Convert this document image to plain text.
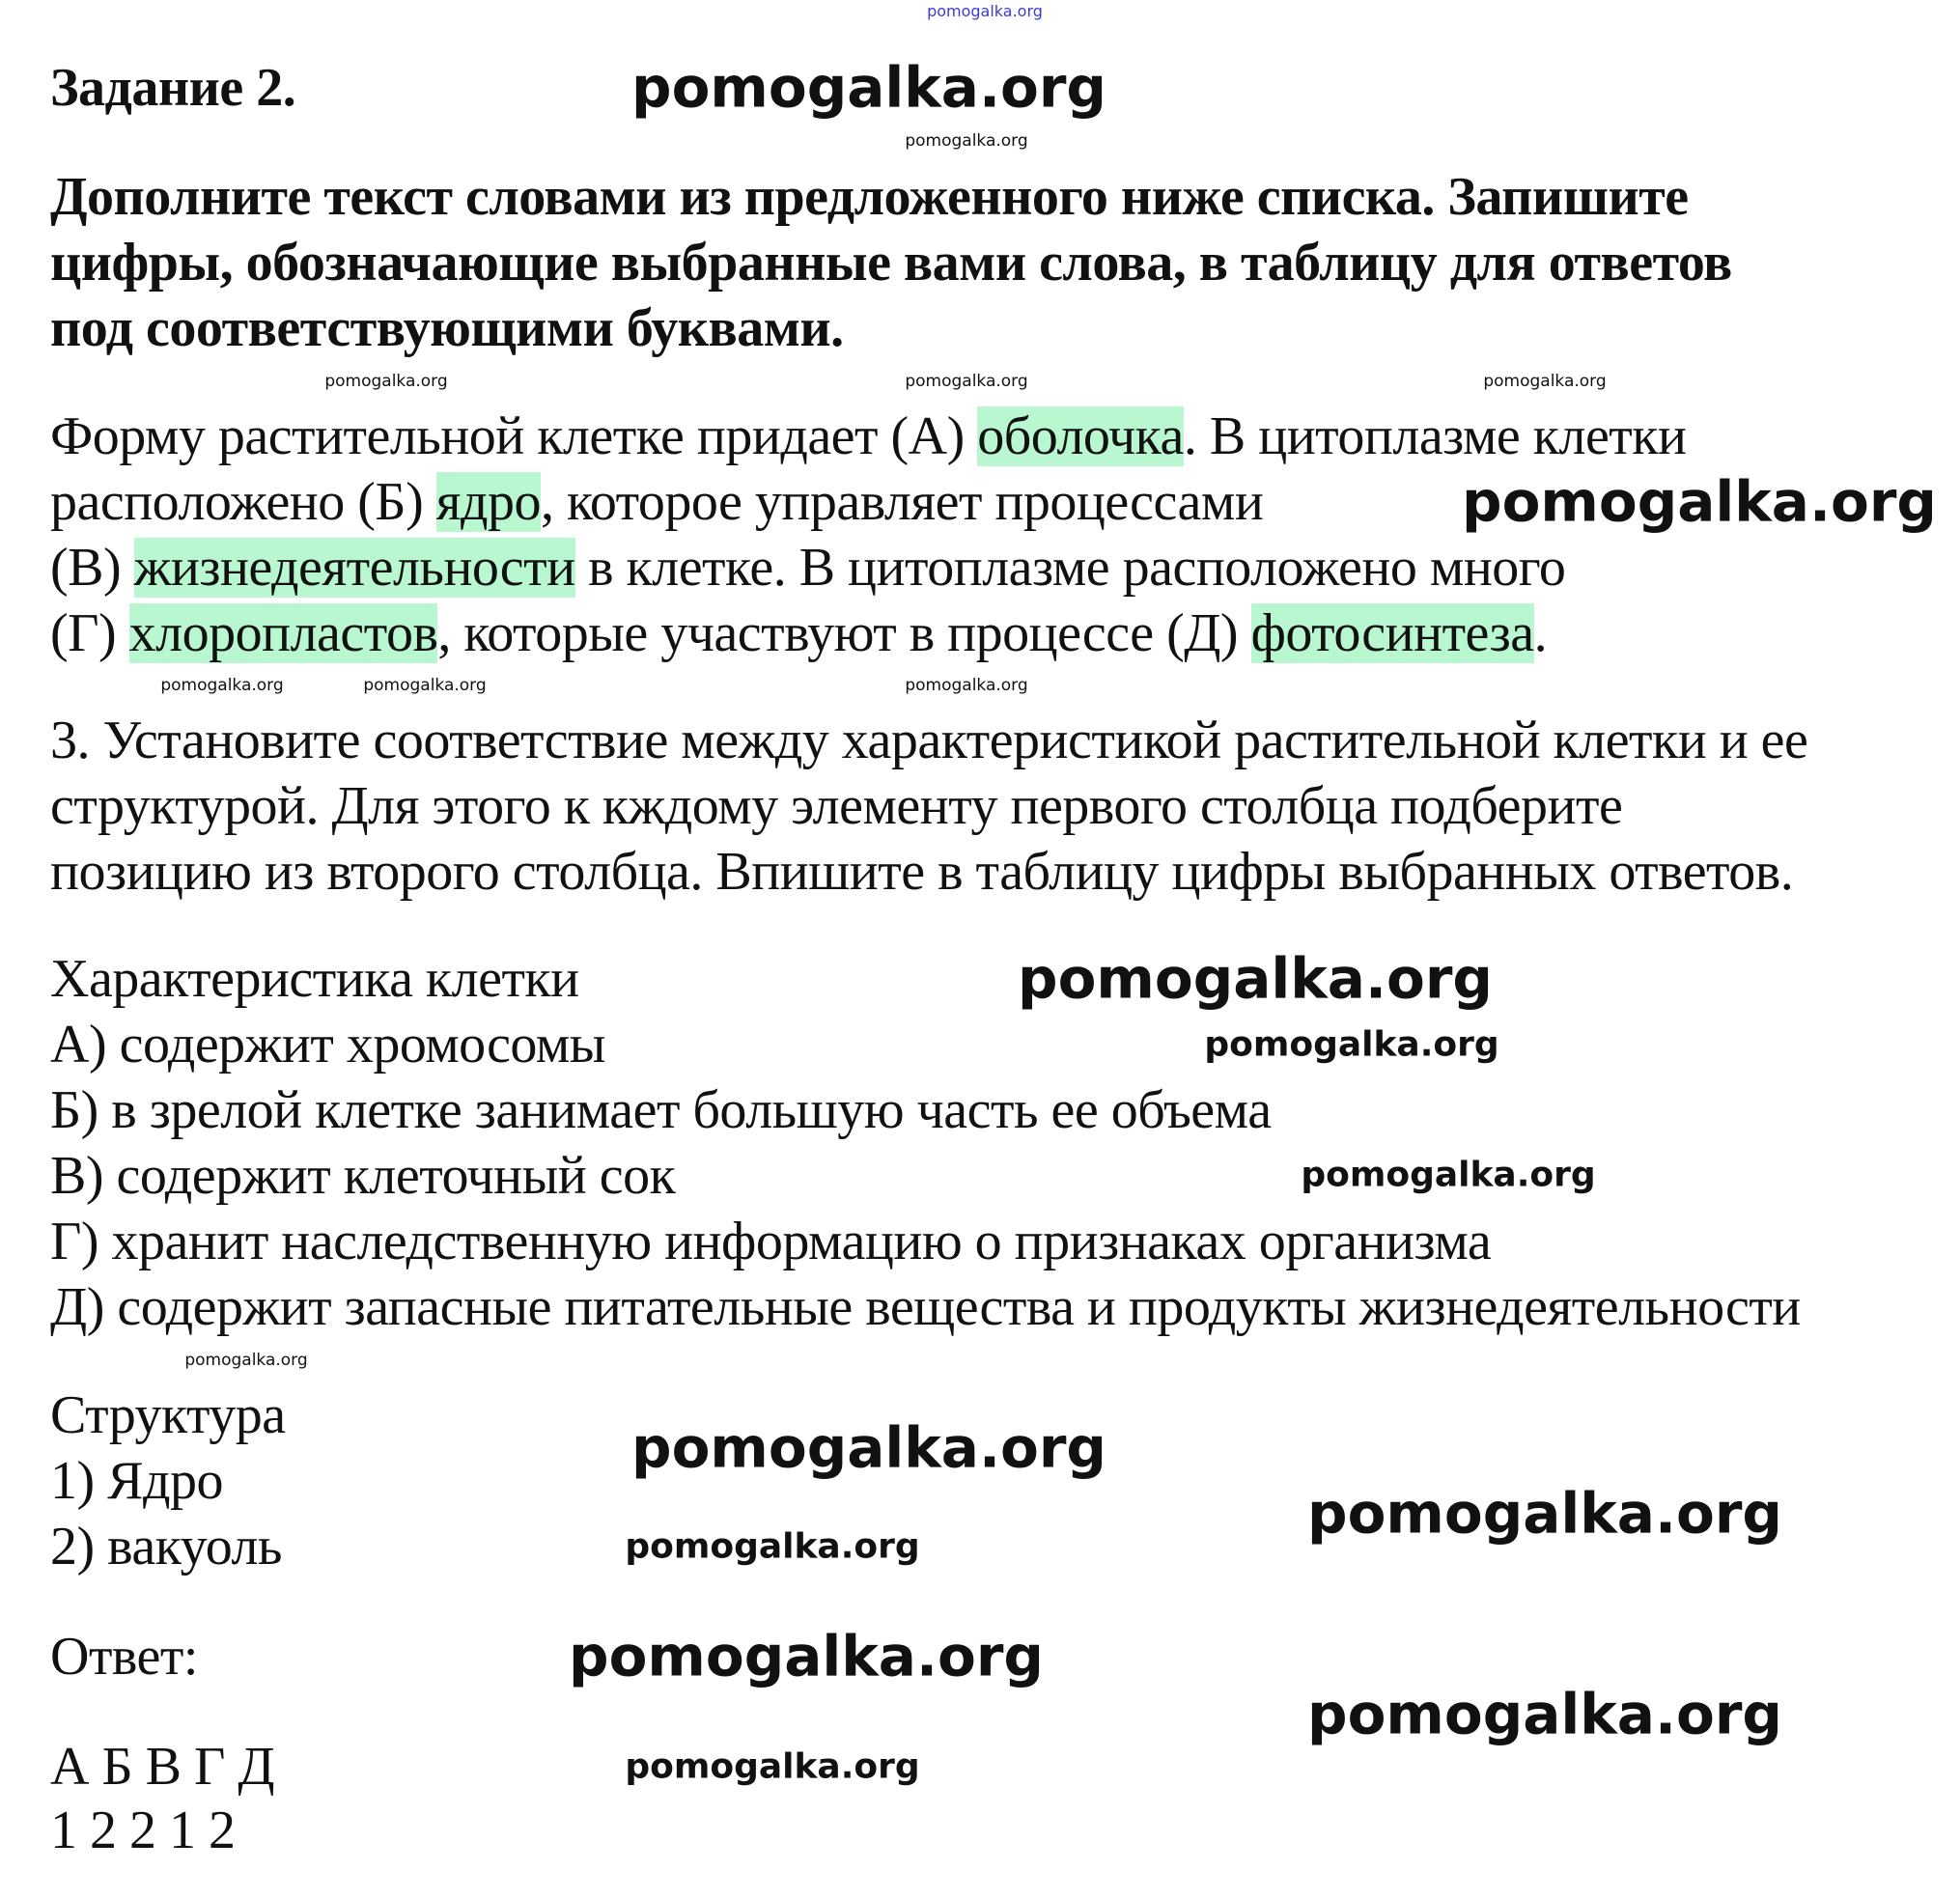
pomogalka.org
pomogalka.org
pomogalka.org
pomogalka.org	pomogalka.org	pomogalka.org
pomogalka.org
pomogalka.org	pomogalka.org	pomogalka.org
pomogalka.org
pomogalka.org
pomogalka.org
pomogalka.org
pomogalka.org
pomogalka.org
pomogalka.org
pomogalka.org
pomogalka.org
pomogalka.org
Задание 2.
Дополните текст словами из предложенного ниже списка. Запишите
цифры, обозначающие выбранные вами слова, в таблицу для ответов
под соответствующими буквами.
Форму растительной клетке придает (А) оболочка. В цитоплазме клетки
расположено (Б) ядро, которое управляет процессами
(В) жизнедеятельности в клетке. В цитоплазме расположено много
(Г) хлоропластов, которые участвуют в процессе (Д) фотосинтеза.
3. Установите соответствие между характеристикой растительной клетки и ее
структурой. Для этого к кждому элементу первого столбца подберите
позицию из второго столбца. Впишите в таблицу цифры выбранных ответов.
Характеристика клетки
А) содержит хромосомы
Б) в зрелой клетке занимает большую часть ее объема
В) содержит клеточный сок
Г) хранит наследственную информацию о признаках организма
Д) содержит запасные питательные вещества и продукты жизнедеятельности
Структура
1) Ядро
2) вакуоль
Ответ:
А Б В Г Д
1 2 2 1 2
